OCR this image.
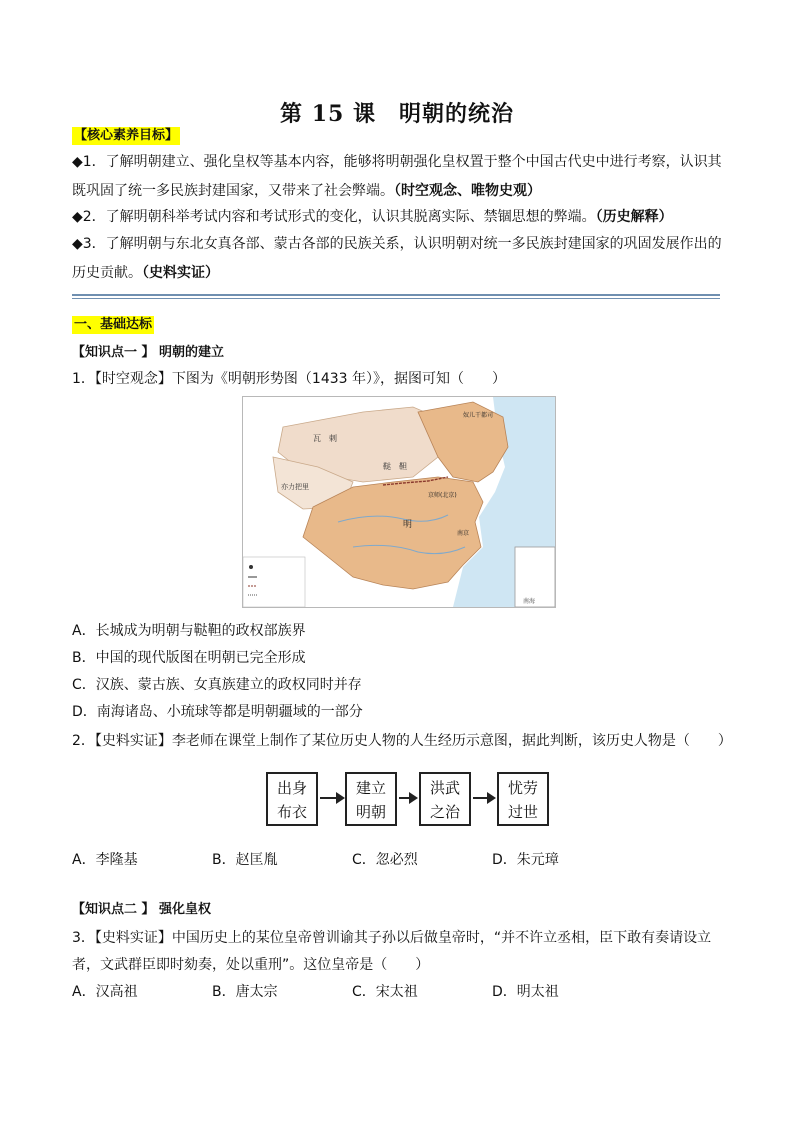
第 15 课　明朝的统治
【核心素养目标】
◆1．了解明朝建立、强化皇权等基本内容，能够将明朝强化皇权置于整个中国古代史中进行考察，认识其既巩固了统一多民族封建国家，又带来了社会弊端。（时空观念、唯物史观）
◆2．了解明朝科举考试内容和考试形式的变化，认识其脱离实际、禁锢思想的弊端。（历史解释）
◆3．了解明朝与东北女真各部、蒙古各部的民族关系，认识明朝对统一多民族封建国家的巩固发展作出的历史贡献。（史料实证）
一、基础达标
【知识点一 】 明朝的建立
1．【时空观念】下图为《明朝形势图（1433 年）》，据图可知（　　）
瓦　剌
鞑　靼
亦力把里
明
京师(北京)
南京
奴儿干都司
南海
A．长城成为明朝与鞑靼的政权部族界
B．中国的现代版图在明朝已完全形成
C．汉族、蒙古族、女真族建立的政权同时并存
D．南海诸岛、小琉球等都是明朝疆域的一部分
2．【史料实证】李老师在课堂上制作了某位历史人物的人生经历示意图，据此判断，该历史人物是（　　）
出身
布衣
建立
明朝
洪武
之治
忧劳
过世
A．李隆基	B．赵匡胤	C．忽必烈	D．朱元璋
【知识点二 】 强化皇权
3．【史料实证】中国历史上的某位皇帝曾训谕其子孙以后做皇帝时，“并不许立丞相，臣下敢有奏请设立
者，文武群臣即时劾奏，处以重刑”。这位皇帝是（　　）
A．汉高祖	B．唐太宗	C．宋太祖	D．明太祖
